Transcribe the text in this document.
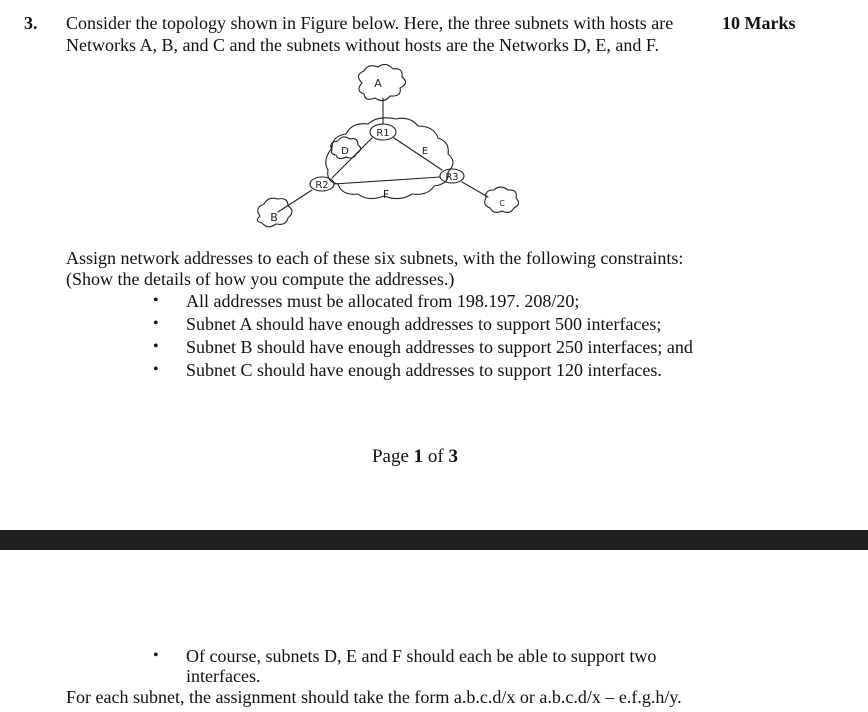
3. Consider the topology shown in Figure below. Here, the three subnets with hosts are
Networks A, B, and C and the subnets without hosts are the Networks D, E, and F.
10 Marks
A
R1
R2
R3
D	E
F
B
C
Assign network addresses to each of these six subnets, with the following constraints:
(Show the details of how you compute the addresses.)
• All addresses must be allocated from 198.197. 208/20;
• Subnet A should have enough addresses to support 500 interfaces;
• Subnet B should have enough addresses to support 250 interfaces; and
• Subnet C should have enough addresses to support 120 interfaces.
Page 1 of 3
• Of course, subnets D, E and F should each be able to support two
interfaces.
For each subnet, the assignment should take the form a.b.c.d/x or a.b.c.d/x – e.f.g.h/y.
